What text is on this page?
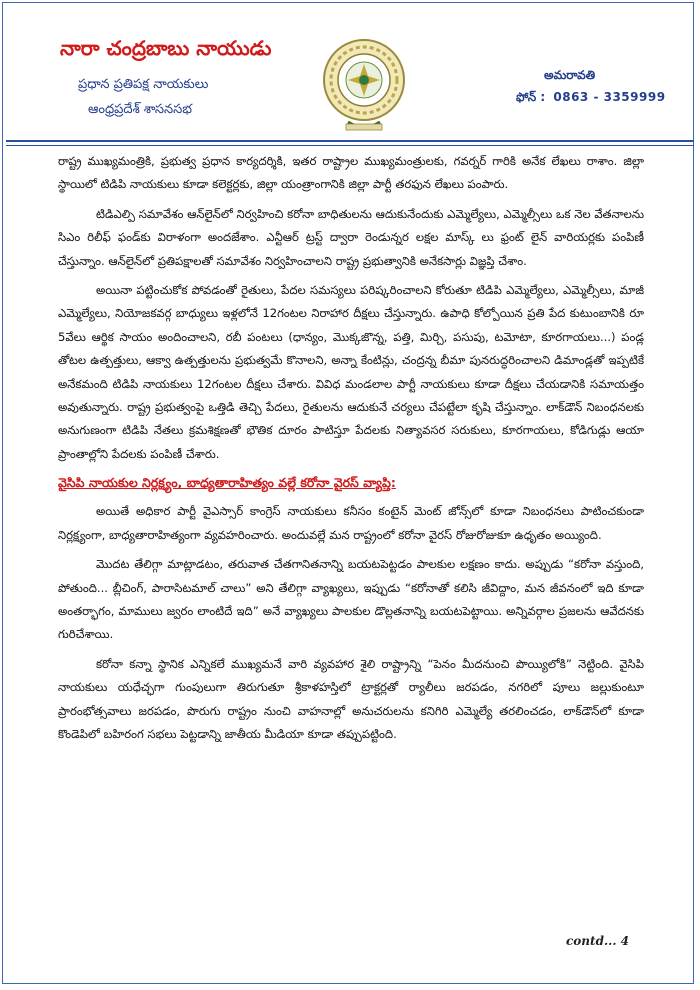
నారా చంద్రబాబు నాయుడు
ప్రధాన ప్రతిపక్ష నాయకులు
ఆంధ్రప్రదేశ్ శాసనసభ
అమరావతి
ఫోన్ : 0863 - 3359999

రాష్ట్ర ముఖ్యమంత్రికి, ప్రభుత్వ ప్రధాన కార్యదర్శికి, ఇతర రాష్ట్రాల ముఖ్యమంత్రులకు, గవర్నర్ గారికి అనేక లేఖలు రాశాం. జిల్లా స్థాయిలో టిడిపి నాయకులు కూడా కలెక్టర్లకు, జిల్లా యంత్రాంగానికి జిల్లా పార్టీ తరఫున లేఖలు పంపారు.

టిడిఎల్పి సమావేశం ఆన్‌లైన్‌లో నిర్వహించి కరోనా బాధితులను ఆదుకునేందుకు ఎమ్మెల్యేలు, ఎమ్మెల్సీలు ఒక నెల వేతనాలను సిఎం రిలీఫ్ ఫండ్‌కు విరాళంగా అందజేశాం. ఎన్టీఆర్ ట్రస్ట్ ద్వారా రెండున్నర లక్షల మాస్క్ లు ఫ్రంట్ లైన్ వారియర్లకు పంపిణీ చేస్తున్నాం. ఆన్‌లైన్‌లో ప్రతిపక్షాలతో సమావేశం నిర్వహించాలని రాష్ట్ర ప్రభుత్వానికి అనేకసార్లు విజ్ఞప్తి చేశాం.

అయినా పట్టించుకోక పోవడంతో రైతులు, పేదల సమస్యలు పరిష్కరించాలని కోరుతూ టిడిపి ఎమ్మెల్యేలు, ఎమ్మెల్సీలు, మాజీ ఎమ్మెల్యేలు, నియోజకవర్గ బాధ్యులు ఇళ్లలోనే 12గంటల నిరాహార దీక్షలు చేస్తున్నారు. ఉపాధి కోల్పోయిన ప్రతి పేద కుటుంబానికి రూ 5వేలు ఆర్థిక సాయం అందించాలని, రబీ పంటలు (ధాన్యం, మొక్కజొన్న, పత్తి, మిర్చి, పసుపు, టమోటా, కూరగాయలు...) పండ్ల తోటల ఉత్పత్తులు, ఆక్వా ఉత్పత్తులను ప్రభుత్వమే కొనాలని, అన్నా కేంటిన్లు, చంద్రన్న బీమా పునరుద్ధరించాలని డిమాండ్లతో ఇప్పటికే అనేకమంది టిడిపి నాయకులు 12గంటల దీక్షలు చేశారు. వివిధ మండలాల పార్టీ నాయకులు కూడా దీక్షలు చేయడానికి సమాయత్తం అవుతున్నారు. రాష్ట్ర ప్రభుత్వంపై ఒత్తిడి తెచ్చి పేదలు, రైతులను ఆదుకునే చర్యలు చేపట్టేలా కృషి చేస్తున్నాం. లాక్‌డౌన్ నిబంధనలకు అనుగుణంగా టిడిపి నేతలు క్రమశిక్షణతో భౌతిక దూరం పాటిస్తూ పేదలకు నిత్యావసర సరుకులు, కూరగాయలు, కోడిగుడ్లు ఆయా ప్రాంతాల్లోని పేదలకు పంపిణీ చేశారు.

వైసిపి నాయకుల నిర్లక్ష్యం, బాధ్యతారాహిత్యం వల్లే కరోనా వైరస్ వ్యాప్తి:

అయితే అధికార పార్టీ వైఎస్సార్ కాంగ్రెస్ నాయకులు కనీసం కంటైన్ మెంట్ జోన్స్‌లో కూడా నిబంధనలు పాటించకుండా నిర్లక్ష్యంగా, బాధ్యతారాహిత్యంగా వ్యవహరించారు. అందువల్లే మన రాష్ట్రంలో కరోనా వైరస్ రోజురోజుకూ ఉధృతం అయ్యింది.

మొదట తేలిగ్గా మాట్లాడటం, తరువాత చేతగానితనాన్ని బయటపెట్టడం పాలకుల లక్షణం కాదు. అప్పుడు “కరోనా వస్తుంది, పోతుంది... బ్లీచింగ్, పారాసిటమాల్ చాలు” అని తేలిగ్గా వ్యాఖ్యలు, ఇప్పుడు “కరోనాతో కలిసి జీవిద్దాం, మన జీవనంలో ఇది కూడా అంతర్భాగం, మాములు జ్వరం లాంటిదే ఇది” అనే వ్యాఖ్యలు పాలకుల డొల్లతనాన్ని బయటపెట్టాయి. అన్నివర్గాల ప్రజలను ఆవేదనకు గురిచేశాయి.

కరోనా కన్నా స్థానిక ఎన్నికలే ముఖ్యమనే వారి వ్యవహార శైలి రాష్ట్రాన్ని “పెనం మీదనుంచి పొయ్యిలోకి” నెట్టింది. వైసిపి నాయకులు యధేచ్ఛగా గుంపులుగా తిరుగుతూ శ్రీకాళహస్తిలో ట్రాక్టర్లతో ర్యాలీలు జరపడం, నగరిలో పూలు జల్లుకుంటూ ప్రారంభోత్సవాలు జరపడం, పొరుగు రాష్ట్రం నుంచి వాహనాల్లో అనుచరులను కనిగిరి ఎమ్మెల్యే తరలించడం, లాక్‌డౌన్‌లో కూడా కొండెపిలో బహిరంగ సభలు పెట్టడాన్ని జాతీయ మీడియా కూడా తప్పుపట్టింది.

contd... 4
